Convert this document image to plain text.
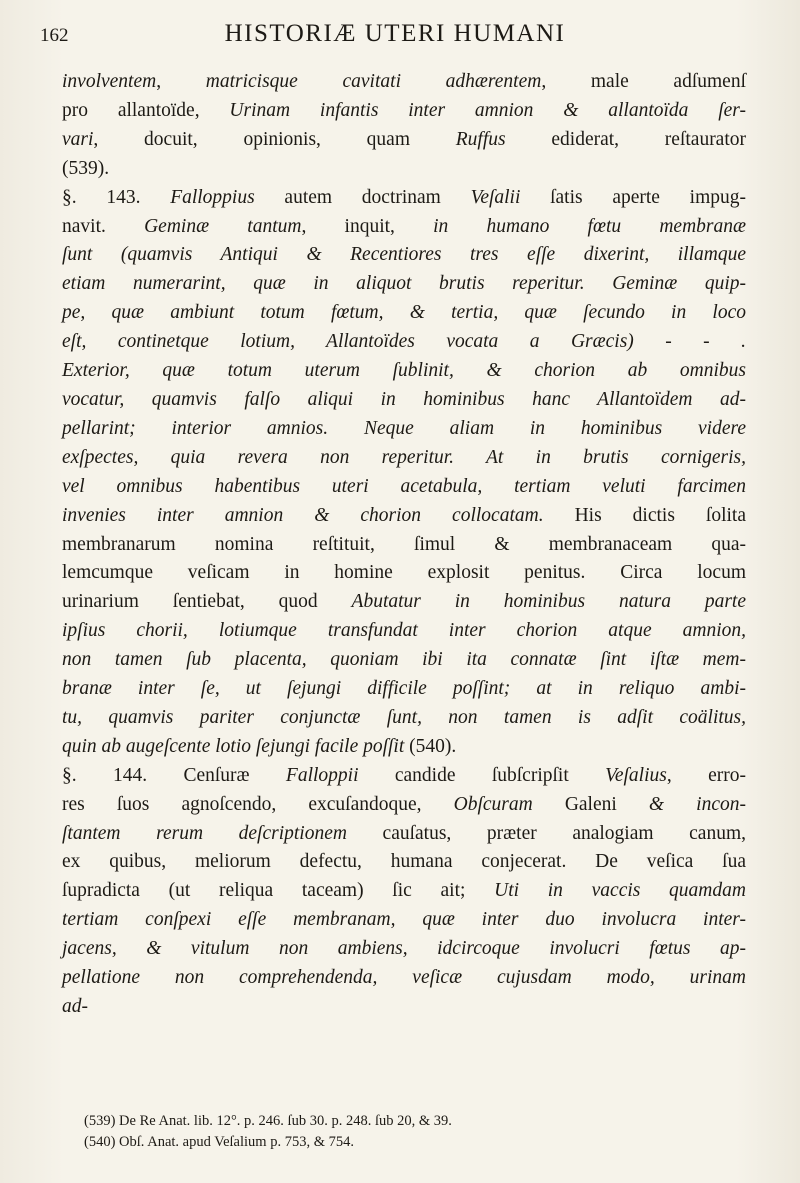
162	HISTORIÆ UTERI HUMANI
involventem, matricisque cavitati adhærentem, male adſumenſ
pro allantoïde, Urinam infantis inter amnion & allantoïda ſer-
vari, docuit, opinionis, quam Ruffus ediderat, reſtaurator
(539).
§. 143. Falloppius autem doctrinam Veſalii ſatis aperte impug-
navit. Geminæ tantum, inquit, in humano fœtu membranæ
ſunt (quamvis Antiqui & Recentiores tres eſſe dixerint, illamque
etiam numerarint, quæ in aliquot brutis reperitur. Geminæ quip-
pe, quæ ambiunt totum fœtum, & tertia, quæ ſecundo in loco
eſt, continetque lotium, Allantoïdes vocata a Græcis) - - .
Exterior, quæ totum uterum ſublinit, & chorion ab omnibus
vocatur, quamvis falſo aliqui in hominibus hanc Allantoïdem ad-
pellarint; interior amnios. Neque aliam in hominibus videre
exſpectes, quia revera non reperitur. At in brutis cornigeris,
vel omnibus habentibus uteri acetabula, tertiam veluti farcimen
invenies inter amnion & chorion collocatam. His dictis ſolita
membranarum nomina reſtituit, ſimul & membranaceam qua-
lemcumque veſicam in homine explosit penitus. Circa locum
urinarium ſentiebat, quod Abutatur in hominibus natura parte
ipſius chorii, lotiumque transfundat inter chorion atque amnion,
non tamen ſub placenta, quoniam ibi ita connatæ ſint iſtæ mem-
branæ inter ſe, ut ſejungi difficile poſſint; at in reliquo ambi-
tu, quamvis pariter conjunctæ ſunt, non tamen is adſit coälitus,
quin ab augeſcente lotio ſejungi facile poſſit (540).
§. 144. Cenſuræ Falloppii candide ſubſcripſit Veſalius, erro-
res ſuos agnoſcendo, excuſandoque, Obſcuram Galeni & incon-
ſtantem rerum deſcriptionem cauſatus, præter analogiam canum,
ex quibus, meliorum defectu, humana conjecerat. De veſica ſua
ſupradicta (ut reliqua taceam) ſic ait; Uti in vaccis quamdam
tertiam conſpexi eſſe membranam, quæ inter duo involucra inter-
jacens, & vitulum non ambiens, idcircoque involucri fœtus ap-
pellatione non comprehendenda, veſicæ cujusdam modo, urinam
ad-
(539) De Re Anat. lib. 12°. p. 246. ſub 30. p. 248. ſub 20, & 39.
(540) Obſ. Anat. apud Veſalium p. 753, & 754.
